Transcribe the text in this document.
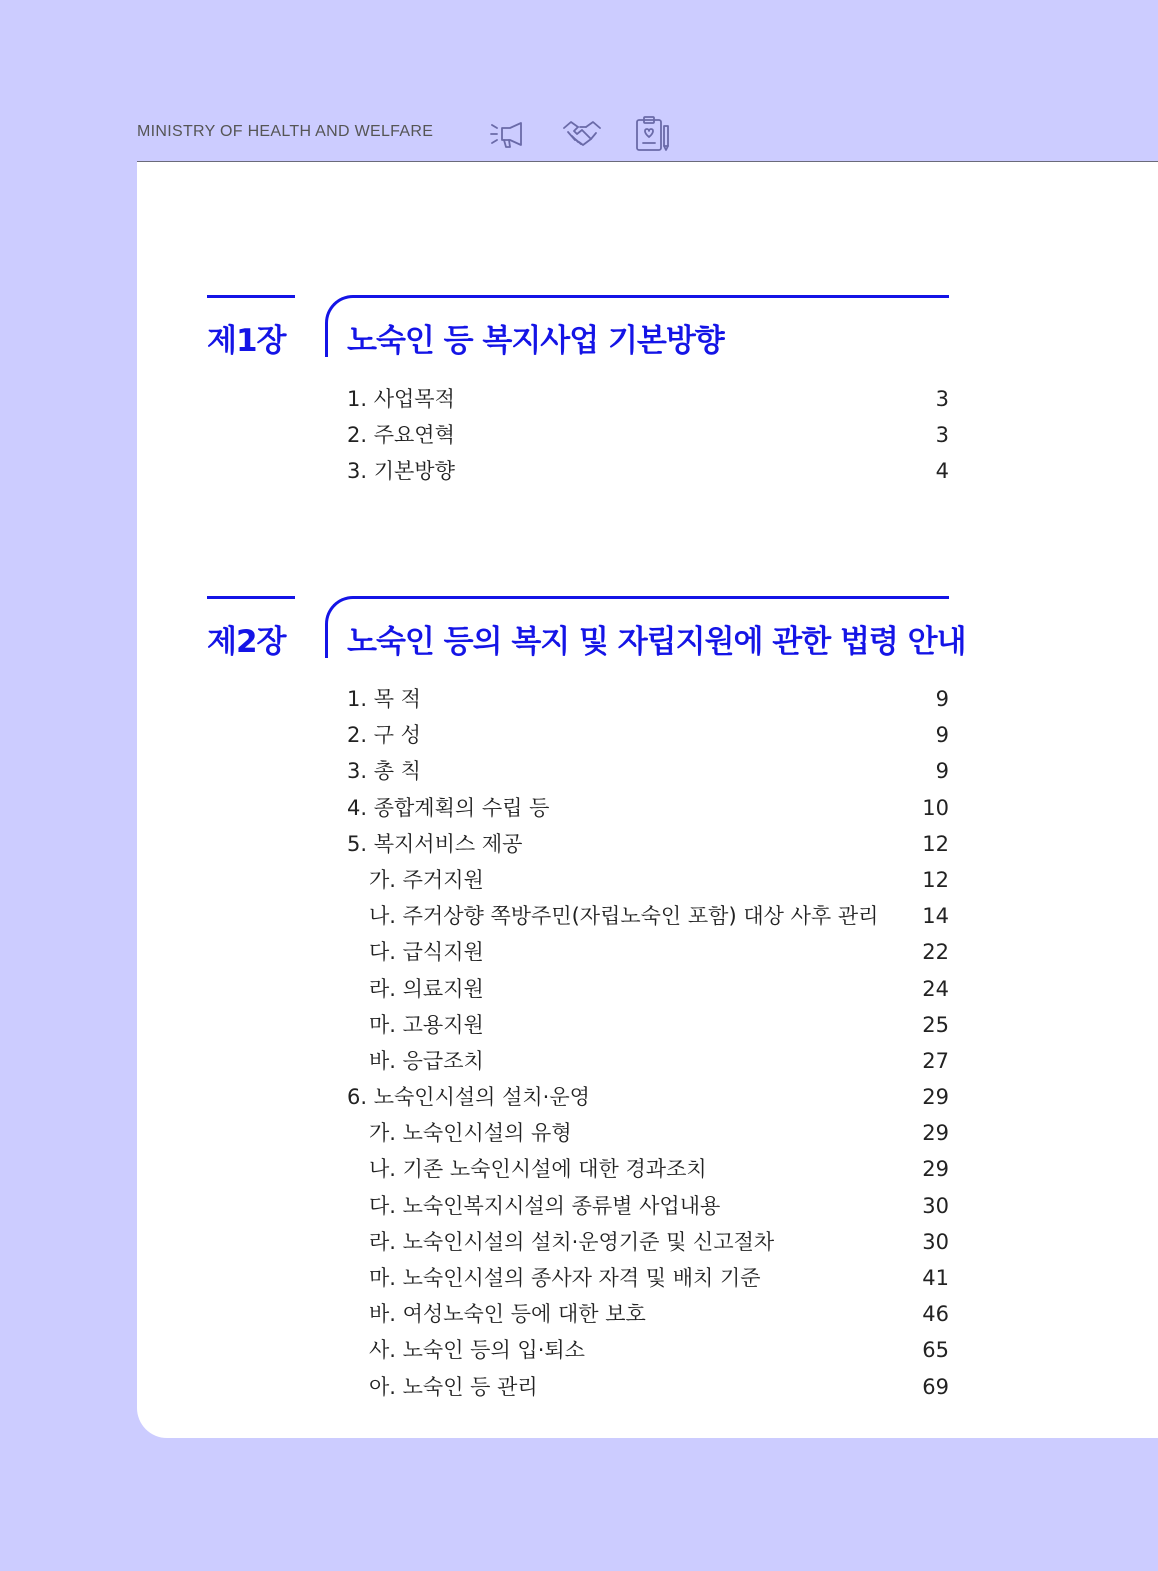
MINISTRY OF HEALTH AND WELFARE
제1장 노숙인 등 복지사업 기본방향
1. 사업목적	3
2. 주요연혁	3
3. 기본방향	4
제2장 노숙인 등의 복지 및 자립지원에 관한 법령 안내
1. 목 적	9
2. 구 성	9
3. 총 칙	9
4. 종합계획의 수립 등	10
5. 복지서비스 제공	12
가. 주거지원	12
나. 주거상향 쪽방주민(자립노숙인 포함) 대상 사후 관리 14
다. 급식지원	22
라. 의료지원	24
마. 고용지원	25
바. 응급조치	27
6. 노숙인시설의 설치·운영	29
가. 노숙인시설의 유형	29
나. 기존 노숙인시설에 대한 경과조치	29
다. 노숙인복지시설의 종류별 사업내용	30
라. 노숙인시설의 설치·운영기준 및 신고절차	30
마. 노숙인시설의 종사자 자격 및 배치 기준	41
바. 여성노숙인 등에 대한 보호	46
사. 노숙인 등의 입·퇴소	65
아. 노숙인 등 관리	69
